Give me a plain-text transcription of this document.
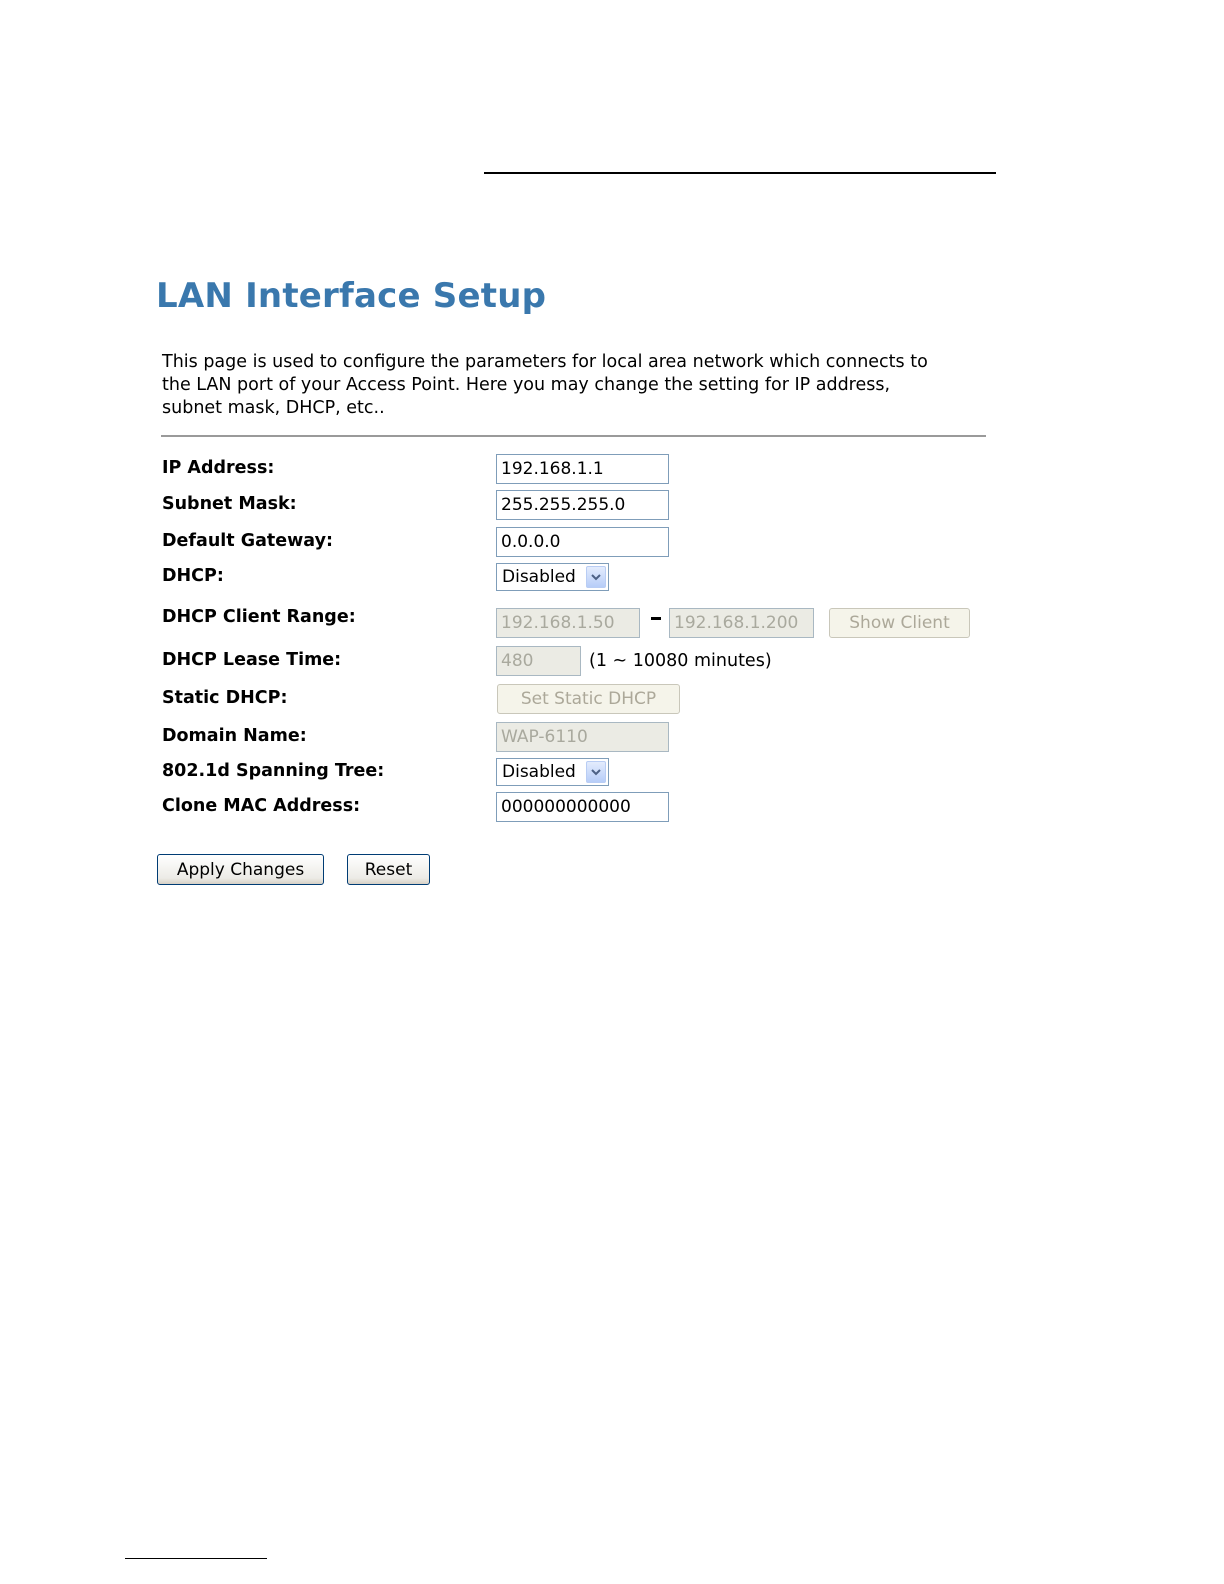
LAN Interface Setup
This page is used to configure the parameters for local area network which connects to
the LAN port of your Access Point. Here you may change the setting for IP address,
subnet mask, DHCP, etc..
IP Address:
192.168.1.1
Subnet Mask:
255.255.255.0
Default Gateway:
0.0.0.0
DHCP:	Disabled
DHCP Client Range:
192.168.1.50
192.168.1.200	Show Client
DHCP Lease Time:
480	(1 ~ 10080 minutes)
Static DHCP:	Set Static DHCP
Domain Name:
WAP-6110
802.1d Spanning Tree:	Disabled
Clone MAC Address:
000000000000
Apply Changes	Reset
